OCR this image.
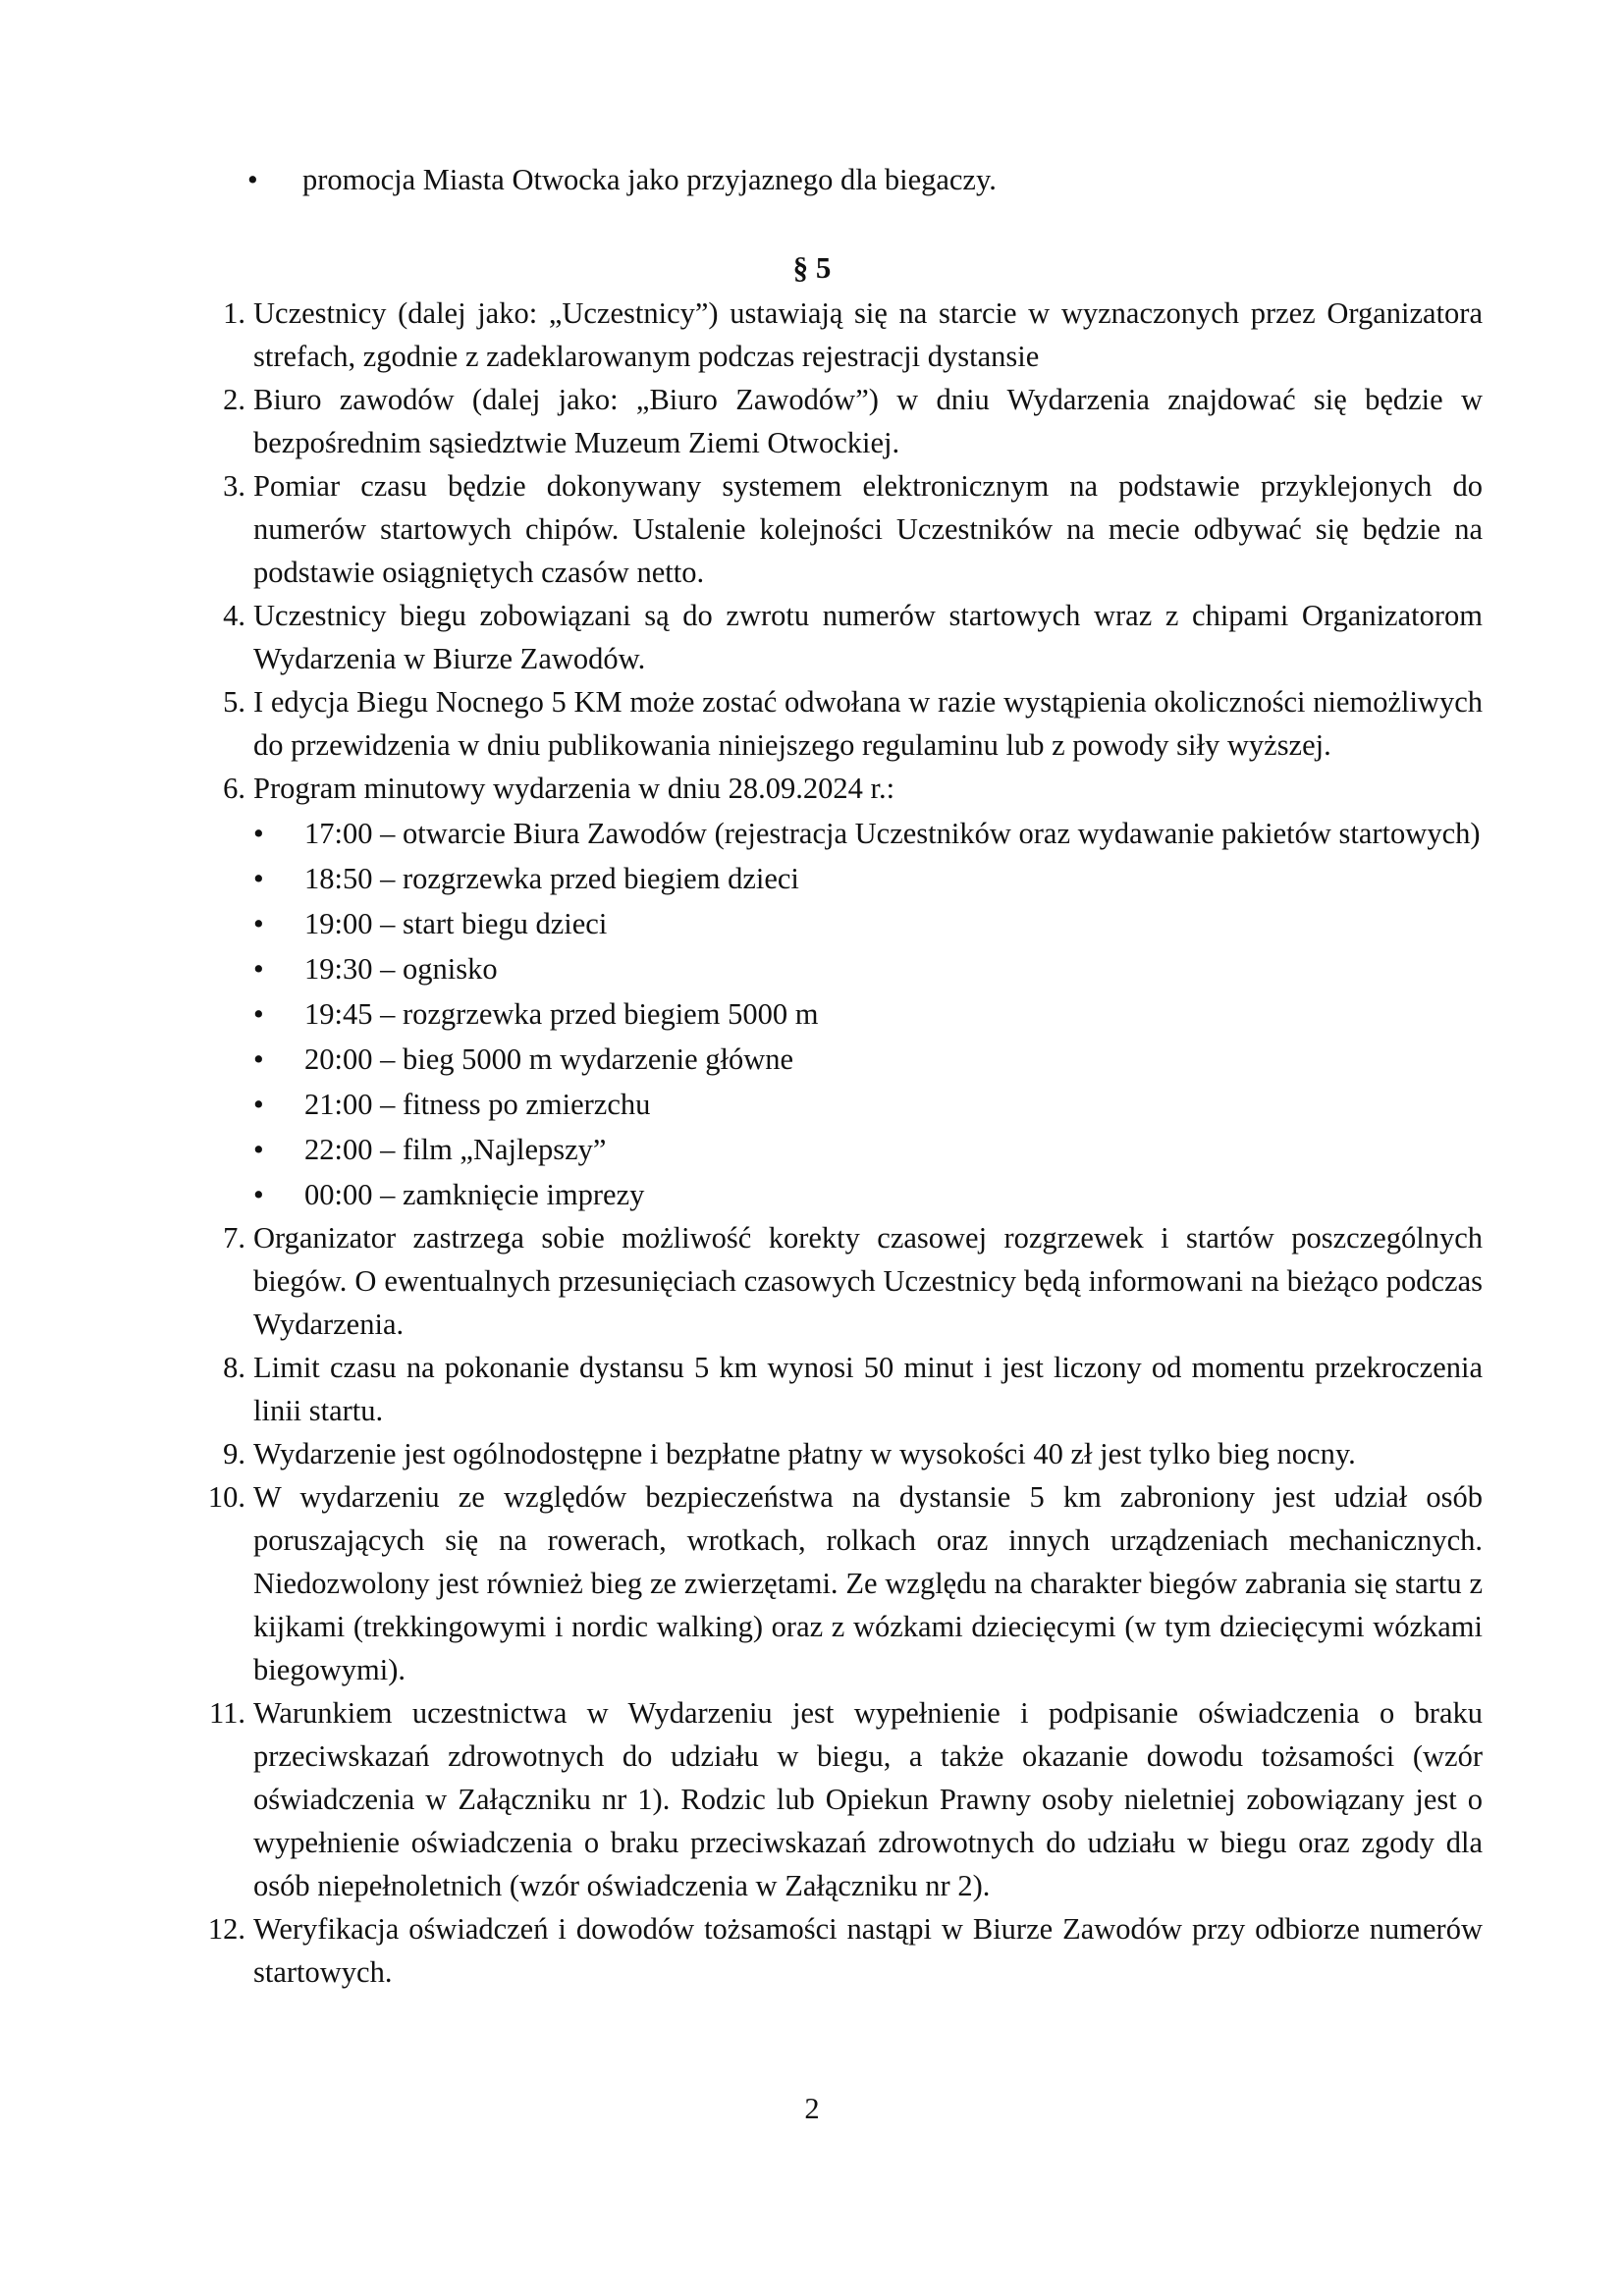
•	promocja Miasta Otwocka jako przyjaznego dla biegaczy.
§ 5
1. Uczestnicy (dalej jako: „Uczestnicy”) ustawiają się na starcie w wyznaczonych przez Organizatora strefach, zgodnie z zadeklarowanym podczas rejestracji dystansie
2. Biuro zawodów (dalej jako: „Biuro Zawodów”) w dniu Wydarzenia znajdować się będzie w bezpośrednim sąsiedztwie Muzeum Ziemi Otwockiej.
3. Pomiar czasu będzie dokonywany systemem elektronicznym na podstawie przyklejonych do numerów startowych chipów. Ustalenie kolejności Uczestników na mecie odbywać się będzie na podstawie osiągniętych czasów netto.
4. Uczestnicy biegu zobowiązani są do zwrotu numerów startowych wraz z chipami Organizatorom Wydarzenia w Biurze Zawodów.
5. I edycja Biegu Nocnego 5 KM może zostać odwołana w razie wystąpienia okoliczności niemożliwych do przewidzenia w dniu publikowania niniejszego regulaminu lub z powody siły wyższej.
6. Program minutowy wydarzenia w dniu 28.09.2024 r.:
• 17:00 – otwarcie Biura Zawodów (rejestracja Uczestników oraz wydawanie pakietów startowych)
• 18:50 – rozgrzewka przed biegiem dzieci
• 19:00 – start biegu dzieci
• 19:30 – ognisko
• 19:45 – rozgrzewka przed biegiem 5000 m
• 20:00 – bieg 5000 m wydarzenie główne
• 21:00 – fitness po zmierzchu
• 22:00 – film „Najlepszy”
• 00:00 – zamknięcie imprezy
7. Organizator zastrzega sobie możliwość korekty czasowej rozgrzewek i startów poszczególnych biegów. O ewentualnych przesunięciach czasowych Uczestnicy będą informowani na bieżąco podczas Wydarzenia.
8. Limit czasu na pokonanie dystansu 5 km wynosi 50 minut i jest liczony od momentu przekroczenia linii startu.
9. Wydarzenie jest ogólnodostępne i bezpłatne płatny w wysokości 40 zł jest tylko bieg nocny.
10. W wydarzeniu ze względów bezpieczeństwa na dystansie 5 km zabroniony jest udział osób poruszających się na rowerach, wrotkach, rolkach oraz innych urządzeniach mechanicznych. Niedozwolony jest również bieg ze zwierzętami. Ze względu na charakter biegów zabrania się startu z kijkami (trekkingowymi i nordic walking) oraz z wózkami dziecięcymi (w tym dziecięcymi wózkami biegowymi).
11. Warunkiem uczestnictwa w Wydarzeniu jest wypełnienie i podpisanie oświadczenia o braku przeciwskazań zdrowotnych do udziału w biegu, a także okazanie dowodu tożsamości (wzór oświadczenia w Załączniku nr 1). Rodzic lub Opiekun Prawny osoby nieletniej zobowiązany jest o wypełnienie oświadczenia o braku przeciwskazań zdrowotnych do udziału w biegu oraz zgody dla osób niepełnoletnich (wzór oświadczenia w Załączniku nr 2).
12. Weryfikacja oświadczeń i dowodów tożsamości nastąpi w Biurze Zawodów przy odbiorze numerów startowych.
2
